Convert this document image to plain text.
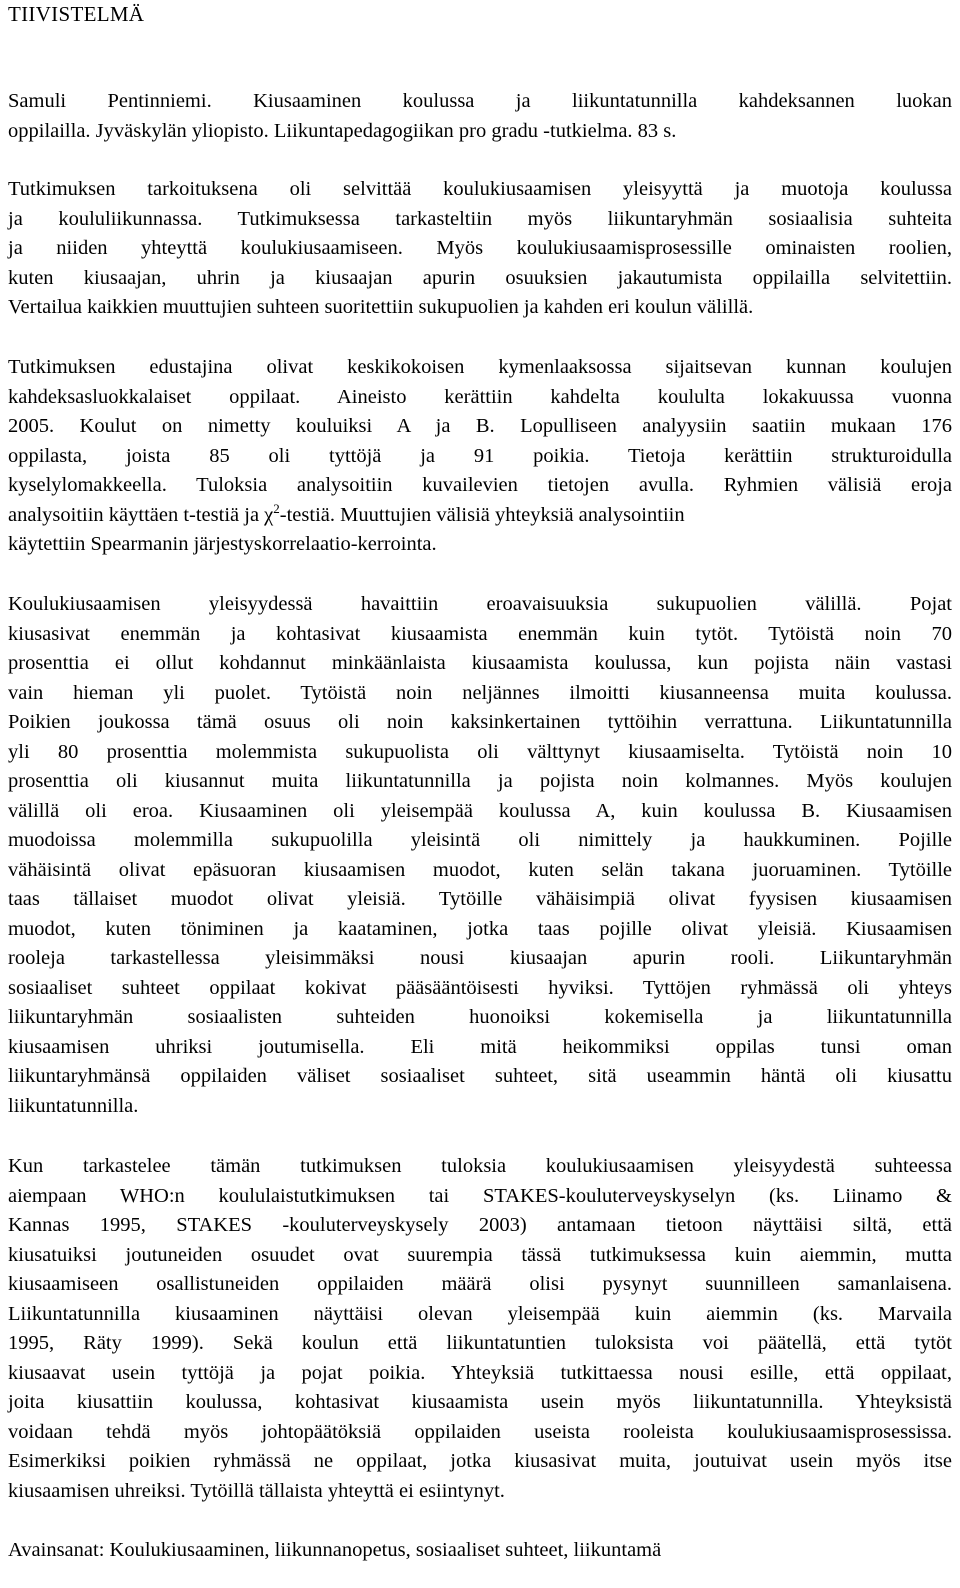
TIIVISTELMÄ

Samuli Pentinniemi. Kiusaaminen koulussa ja liikuntatunnilla kahdeksannen luokan
oppilailla. Jyväskylän yliopisto. Liikuntapedagogiikan pro gradu -tutkielma. 83 s.

Tutkimuksen tarkoituksena oli selvittää koulukiusaamisen yleisyyttä ja muotoja koulussa
ja koululiikunnassa. Tutkimuksessa tarkasteltiin myös liikuntaryhmän sosiaalisia suhteita
ja niiden yhteyttä koulukiusaamiseen. Myös koulukiusaamisprosessille ominaisten roolien,
kuten kiusaajan, uhrin ja kiusaajan apurin osuuksien jakautumista oppilailla selvitettiin.
Vertailua kaikkien muuttujien suhteen suoritettiin sukupuolien ja kahden eri koulun välillä.

Tutkimuksen edustajina olivat keskikokoisen kymenlaaksossa sijaitsevan kunnan koulujen
kahdeksasluokkalaiset oppilaat. Aineisto kerättiin kahdelta koululta lokakuussa vuonna
2005. Koulut on nimetty kouluiksi A ja B. Lopulliseen analyysiin saatiin mukaan 176
oppilasta, joista 85 oli tyttöjä ja 91 poikia. Tietoja kerättiin strukturoidulla
kyselylomakkeella. Tuloksia analysoitiin kuvailevien tietojen avulla. Ryhmien välisiä eroja
analysoitiin käyttäen t-testiä ja $\chi^2$-testiä. Muuttujien välisiä yhteyksiä analysointiin
käytettiin Spearmanin järjestyskorrelaatio-kerrointa.

Koulukiusaamisen yleisyydessä havaittiin eroavaisuuksia sukupuolien välillä. Pojat
kiusasivat enemmän ja kohtasivat kiusaamista enemmän kuin tytöt. Tytöistä noin 70
prosenttia ei ollut kohdannut minkäänlaista kiusaamista koulussa, kun pojista näin vastasi
vain hieman yli puolet. Tytöistä noin neljännes ilmoitti kiusanneensa muita koulussa.
Poikien joukossa tämä osuus oli noin kaksinkertainen tyttöihin verrattuna. Liikuntatunnilla
yli 80 prosenttia molemmista sukupuolista oli välttynyt kiusaamiselta. Tytöistä noin 10
prosenttia oli kiusannut muita liikuntatunnilla ja pojista noin kolmannes. Myös koulujen
välillä oli eroa. Kiusaaminen oli yleisempää koulussa A, kuin koulussa B. Kiusaamisen
muodoissa molemmilla sukupuolilla yleisintä oli nimittely ja haukkuminen. Pojille
vähäisintä olivat epäsuoran kiusaamisen muodot, kuten selän takana juoruaminen. Tytöille
taas tällaiset muodot olivat yleisiä. Tytöille vähäisimpiä olivat fyysisen kiusaamisen
muodot, kuten töniminen ja kaataminen, jotka taas pojille olivat yleisiä. Kiusaamisen
rooleja tarkastellessa yleisimmäksi nousi kiusaajan apurin rooli. Liikuntaryhmän
sosiaaliset suhteet oppilaat kokivat pääsääntöisesti hyviksi. Tyttöjen ryhmässä oli yhteys
liikuntaryhmän sosiaalisten suhteiden huonoiksi kokemisella ja liikuntatunnilla
kiusaamisen uhriksi joutumisella. Eli mitä heikommiksi oppilas tunsi oman
liikuntaryhmänsä oppilaiden väliset sosiaaliset suhteet, sitä useammin häntä oli kiusattu
liikuntatunnilla.

Kun tarkastelee tämän tutkimuksen tuloksia koulukiusaamisen yleisyydestä suhteessa
aiempaan WHO:n koululaistutkimuksen tai STAKES-kouluterveyskyselyn (ks. Liinamo &
Kannas 1995, STAKES -kouluterveyskysely 2003) antamaan tietoon näyttäisi siltä, että
kiusatuiksi joutuneiden osuudet ovat suurempia tässä tutkimuksessa kuin aiemmin, mutta
kiusaamiseen osallistuneiden oppilaiden määrä olisi pysynyt suunnilleen samanlaisena.
Liikuntatunnilla kiusaaminen näyttäisi olevan yleisempää kuin aiemmin (ks. Marvaila
1995, Räty 1999). Sekä koulun että liikuntatuntien tuloksista voi päätellä, että tytöt
kiusaavat usein tyttöjä ja pojat poikia. Yhteyksiä tutkittaessa nousi esille, että oppilaat,
joita kiusattiin koulussa, kohtasivat kiusaamista usein myös liikuntatunnilla. Yhteyksistä
voidaan tehdä myös johtopäätöksiä oppilaiden useista rooleista koulukiusaamisprosessissa.
Esimerkiksi poikien ryhmässä ne oppilaat, jotka kiusasivat muita, joutuivat usein myös itse
kiusaamisen uhreiksi. Tytöillä tällaista yhteyttä ei esiintynyt.

Avainsanat: Koulukiusaaminen, liikunnanopetus, sosiaaliset suhteet, liikuntamä
